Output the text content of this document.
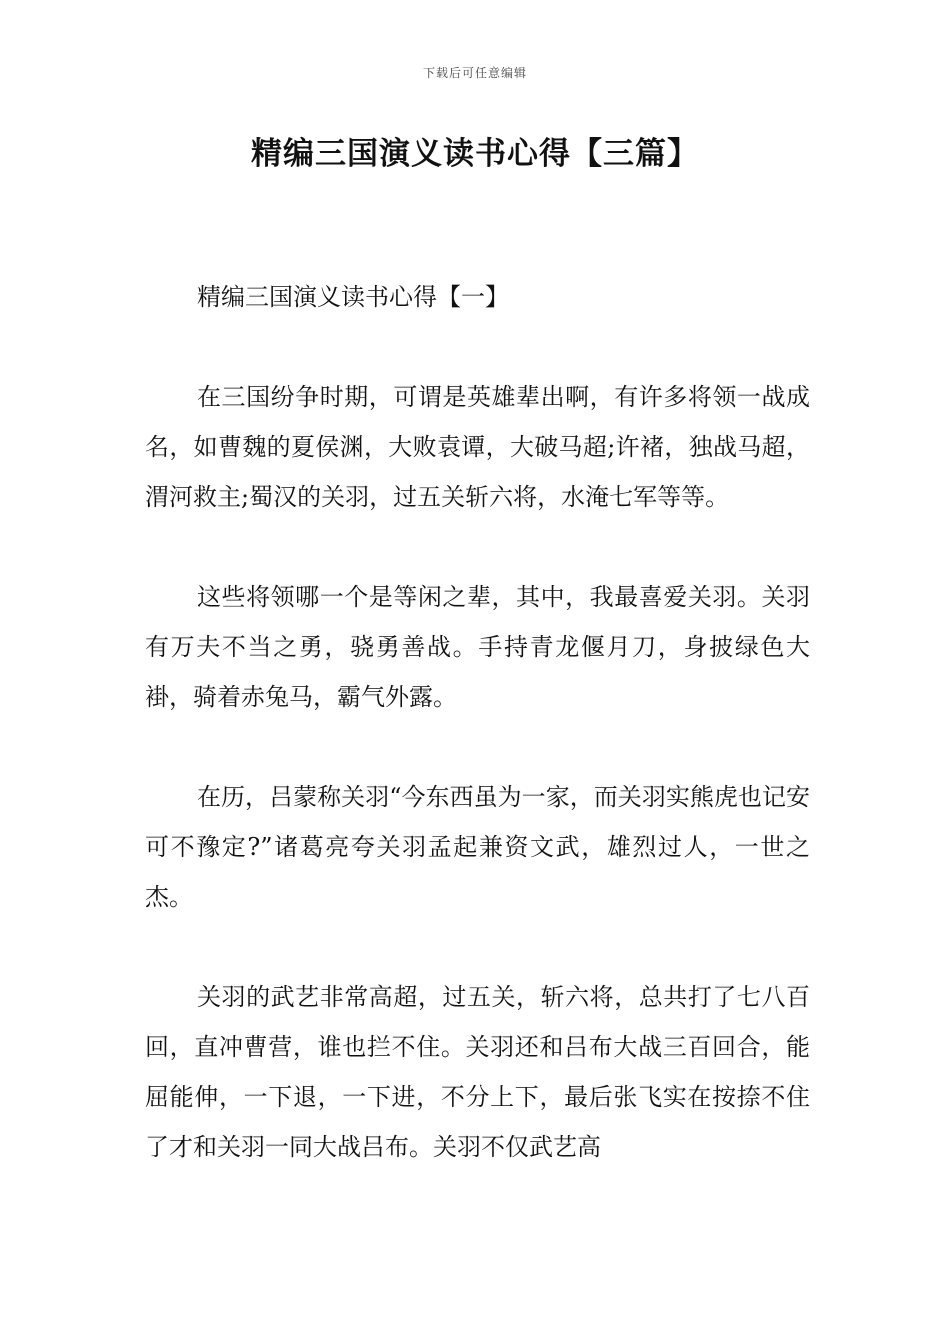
下载后可任意编辑
精编三国演义读书心得【三篇】

精编三国演义读书心得【一】

在三国纷争时期，可谓是英雄辈出啊，有许多将领一战成名，如曹魏的夏侯渊，大败袁谭，大破马超;许褚，独战马超，渭河救主;蜀汉的关羽，过五关斩六将，水淹七军等等。

这些将领哪一个是等闲之辈，其中，我最喜爱关羽。关羽有万夫不当之勇，骁勇善战。手持青龙偃月刀，身披绿色大褂，骑着赤兔马，霸气外露。

在历，吕蒙称关羽“今东西虽为一家，而关羽实熊虎也记安可不豫定?”诸葛亮夸关羽孟起兼资文武，雄烈过人，一世之杰。

关羽的武艺非常高超，过五关，斩六将，总共打了七八百回，直冲曹营，谁也拦不住。关羽还和吕布大战三百回合，能屈能伸，一下退，一下进，不分上下，最后张飞实在按捺不住了才和关羽一同大战吕布。关羽不仅武艺高
